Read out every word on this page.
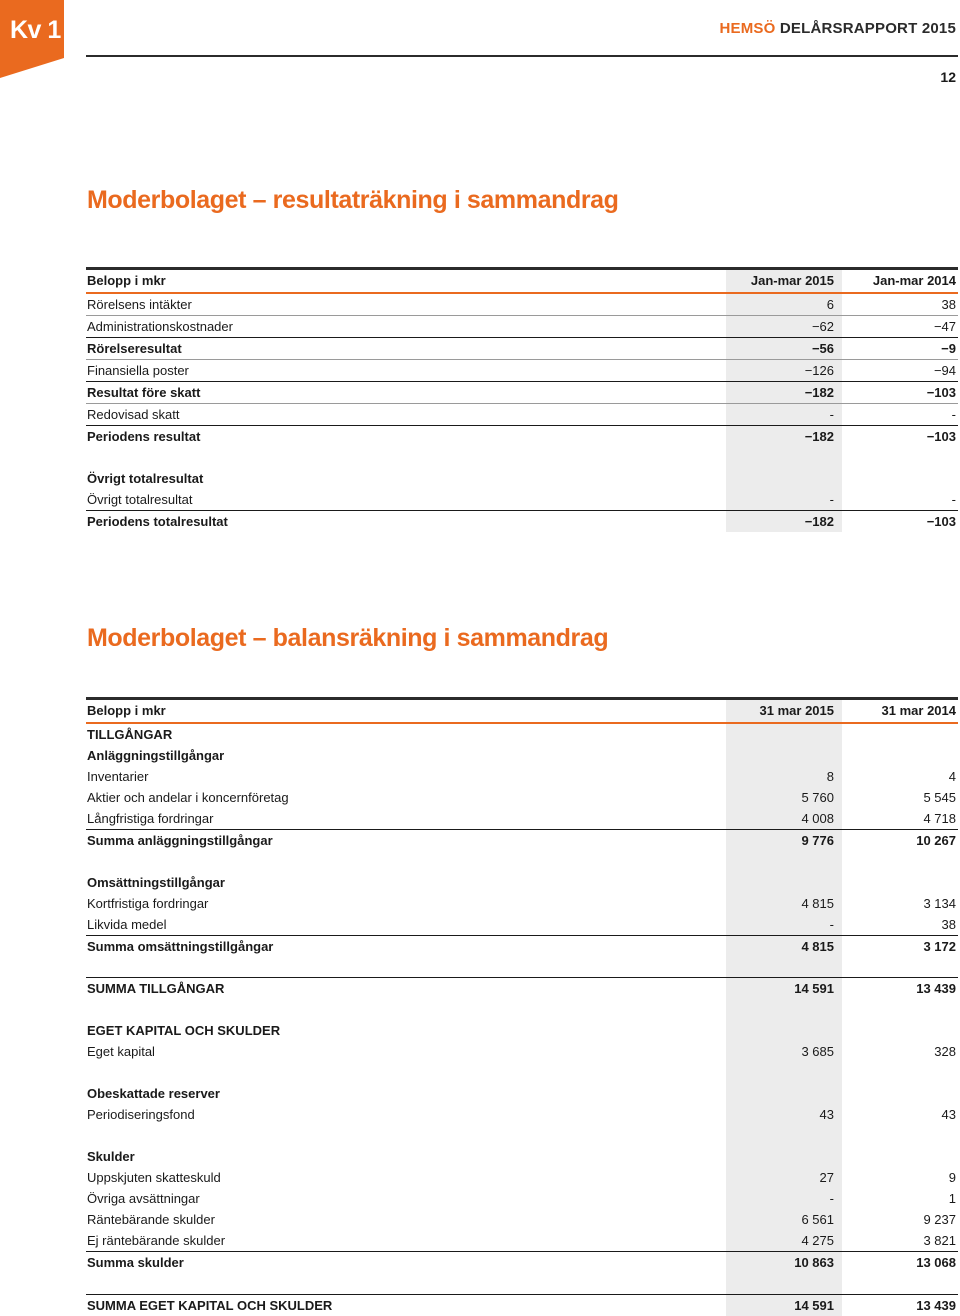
Kv 1	HEMSÖ DELÅRSRAPPORT 2015
12
Moderbolaget – resultaträkning i sammandrag
Belopp i mkr	Jan-mar 2015	Jan-mar 2014
Rörelsens intäkter	6	38
Administrationskostnader	−62	−47
Rörelseresultat	−56	−9
Finansiella poster	−126	−94
Resultat före skatt	−182	−103
Redovisad skatt	-	-
Periodens resultat	−182	−103

Övrigt totalresultat		
Övrigt totalresultat	-	-
Periodens totalresultat	−182	−103
Moderbolaget – balansräkning i sammandrag
Belopp i mkr	31 mar 2015	31 mar 2014
TILLGÅNGAR		
Anläggningstillgångar		
Inventarier	8	4
Aktier och andelar i koncernföretag	5 760	5 545
Långfristiga fordringar	4 008	4 718
Summa anläggningstillgångar	9 776	10 267

Omsättningstillgångar		
Kortfristiga fordringar	4 815	3 134
Likvida medel	-	38
Summa omsättningstillgångar	4 815	3 172

SUMMA TILLGÅNGAR	14 591	13 439

EGET KAPITAL OCH SKULDER		
Eget kapital	3 685	328

Obeskattade reserver		
Periodiseringsfond	43	43

Skulder		
Uppskjuten skatteskuld	27	9
Övriga avsättningar	-	1
Räntebärande skulder	6 561	9 237
Ej räntebärande skulder	4 275	3 821
Summa skulder	10 863	13 068

SUMMA EGET KAPITAL OCH SKULDER	14 591	13 439
